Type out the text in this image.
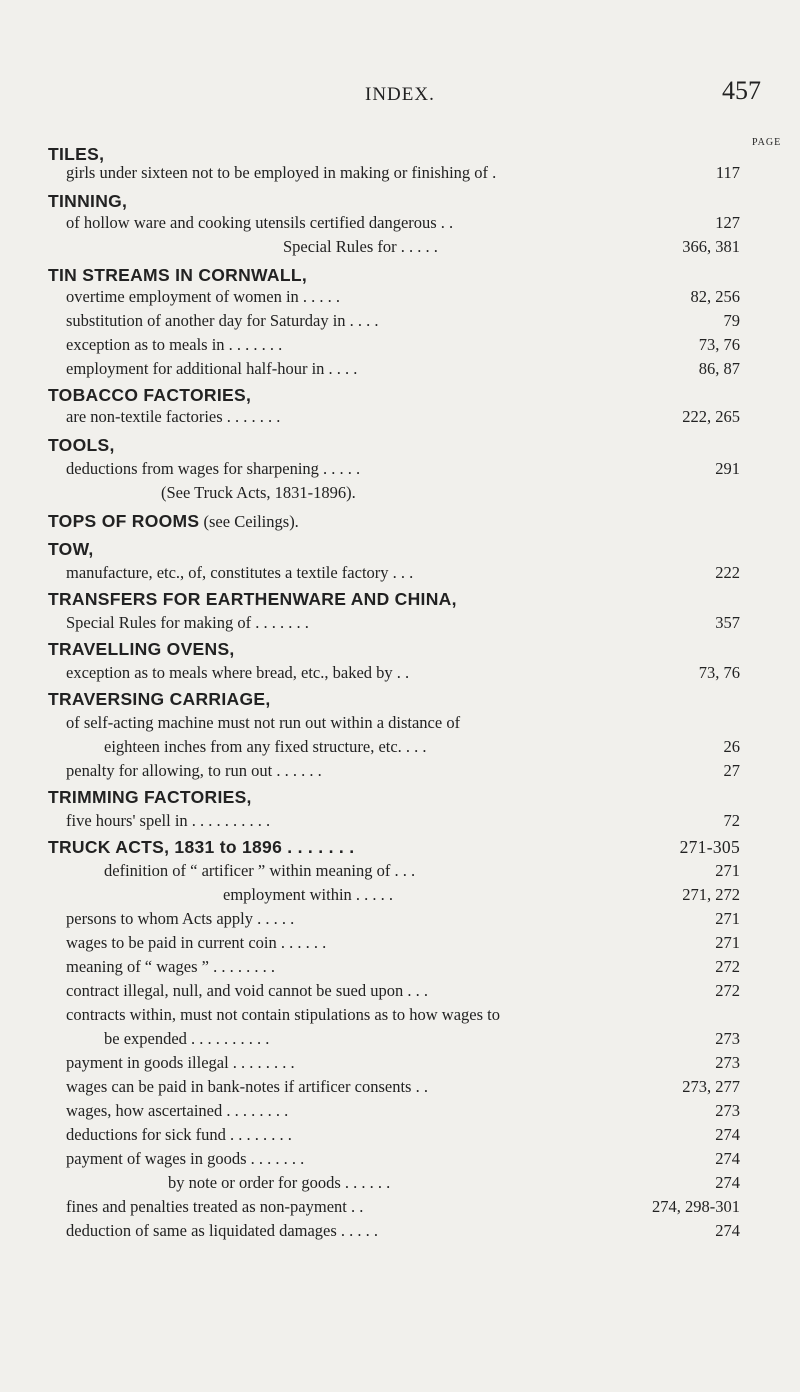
INDEX.	457
PAGE
TILES,
girls under sixteen not to be employed in making or finishing of .	117
TINNING,
of hollow ware and cooking utensils certified dangerous . .	127
Special Rules for . . . . .	366, 381
TIN STREAMS IN CORNWALL,
overtime employment of women in . . . . .	82, 256
substitution of another day for Saturday in . . . .	79
exception as to meals in . . . . . . .	73, 76
employment for additional half-hour in . . . .	86, 87
TOBACCO FACTORIES,
are non-textile factories . . . . . . .	222, 265
TOOLS,
deductions from wages for sharpening . . . . .	291
(See Truck Acts, 1831-1896).
TOPS OF ROOMS (see Ceilings).
TOW,
manufacture, etc., of, constitutes a textile factory . . .	222
TRANSFERS FOR EARTHENWARE AND CHINA,
Special Rules for making of . . . . . . .	357
TRAVELLING OVENS,
exception as to meals where bread, etc., baked by . .	73, 76
TRAVERSING CARRIAGE,
of self-acting machine must not run out within a distance of
eighteen inches from any fixed structure, etc. . . .	26
penalty for allowing, to run out . . . . . .	27
TRIMMING FACTORIES,
five hours' spell in . . . . . . . . . .	72
TRUCK ACTS, 1831 to 1896 . . . . . . .	271-305
definition of “ artificer ” within meaning of . . .	271
employment within . . . . .	271, 272
persons to whom Acts apply . . . . .	271
wages to be paid in current coin . . . . . .	271
meaning of “ wages ” . . . . . . . .	272
contract illegal, null, and void cannot be sued upon . . .	272
contracts within, must not contain stipulations as to how wages to
be expended . . . . . . . . . .	273
payment in goods illegal . . . . . . . .	273
wages can be paid in bank-notes if artificer consents . .	273, 277
wages, how ascertained . . . . . . . .	273
deductions for sick fund . . . . . . . .	274
payment of wages in goods . . . . . . .	274
by note or order for goods . . . . . .	274
fines and penalties treated as non-payment . .	274, 298-301
deduction of same as liquidated damages . . . . .	274
